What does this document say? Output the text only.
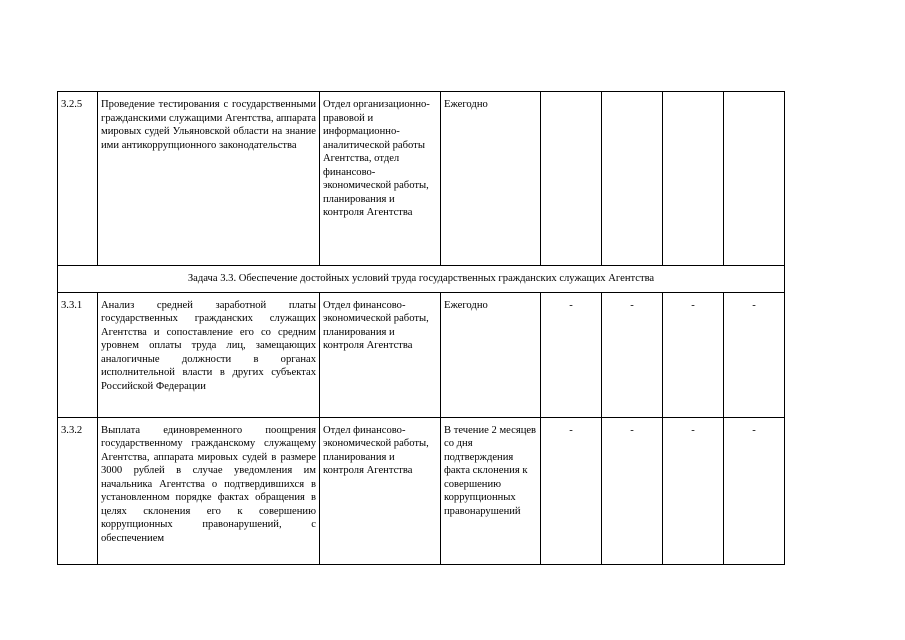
3.2.5	Проведение тестирования с государственными гражданскими служащими Агентства, аппарата мировых судей Ульяновской области на знание ими антикоррупционного законодательства	Отдел организационно-правовой и информационно-аналитической работы Агентства, отдел финансово-экономической работы, планирования и контроля Агентства	Ежегодно				
Задача 3.3. Обеспечение достойных условий труда государственных гражданских служащих Агентства							
3.3.1	Анализ средней заработной платы государственных гражданских служащих Агентства и сопоставление его со средним уровнем оплаты труда лиц, замещающих аналогичные должности в органах исполнительной власти в других субъектах Российской Федерации	Отдел финансово-экономической работы, планирования и контроля Агентства	Ежегодно	-	-	-	-
3.3.2	Выплата единовременного поощрения государственному гражданскому служащему Агентства, аппарата мировых судей в размере 3000 рублей в случае уведомления им начальника Агентства о подтвердившихся в установленном порядке фактах обращения в целях склонения его к совершению коррупционных правонарушений, с обеспечением	Отдел финансово-экономической работы, планирования и контроля Агентства	В течение 2 месяцев со дня подтверждения факта склонения к совершению коррупционных правонарушений	-	-	-	-
